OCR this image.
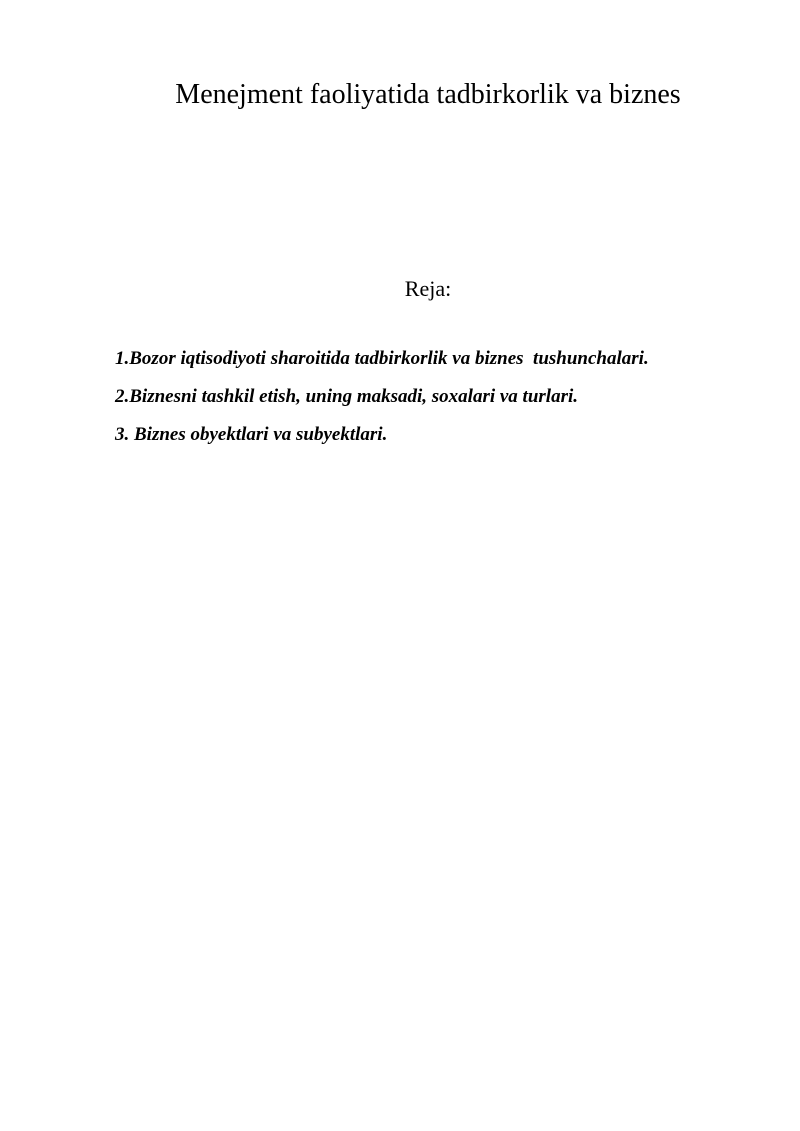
Menejment faoliyatida tadbirkorlik va biznes
Reja:
1.Bozor iqtisodiyoti sharoitida tadbirkorlik va biznes  tushunchalari.
2.Biznesni tashkil etish, uning maksadi, soxalari va turlari.
3. Biznes obyektlari va subyektlari.
